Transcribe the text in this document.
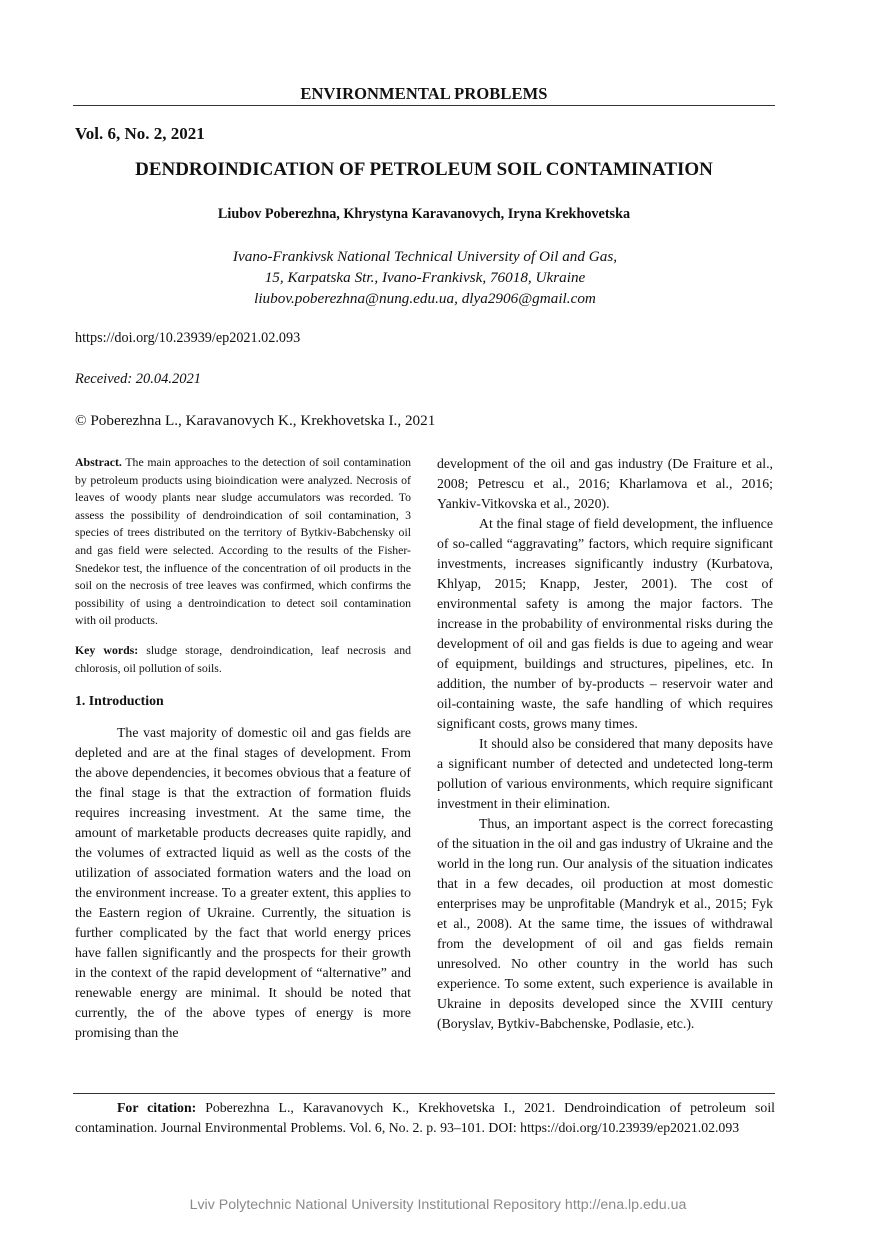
ENVIRONMENTAL PROBLEMS
Vol. 6, No. 2, 2021
DENDROINDICATION OF PETROLEUM SOIL CONTAMINATION
Liubov Poberezhna, Khrystyna Karavanovych, Iryna Krekhovetska
Ivano-Frankivsk National Technical University of Oil and Gas,
15, Karpatska Str., Ivano-Frankivsk, 76018, Ukraine
liubov.poberezhna@nung.edu.ua, dlya2906@gmail.com
https://doi.org/10.23939/ep2021.02.093
Received: 20.04.2021
© Poberezhna L., Karavanovych K., Krekhovetska I., 2021

Abstract. The main approaches to the detection of soil contamination by petroleum products using bioindication were analyzed. Necrosis of leaves of woody plants near sludge accumulators was recorded. To assess the possibility of dendroindication of soil contamination, 3 species of trees distributed on the territory of Bytkiv-Babchensky oil and gas field were selected. According to the results of the Fisher-Snedekor test, the influence of the concentration of oil products in the soil on the necrosis of tree leaves was confirmed, which confirms the possibility of using a dentroindication to detect soil contamination with oil products.

Key words: sludge storage, dendroindication, leaf necrosis and chlorosis, oil pollution of soils.

1. Introduction

The vast majority of domestic oil and gas fields are depleted and are at the final stages of development. From the above dependencies, it becomes obvious that a feature of the final stage is that the extraction of formation fluids requires increasing investment. At the same time, the amount of marketable products decreases quite rapidly, and the volumes of extracted liquid as well as the costs of the utilization of associated formation waters and the load on the environment increase. To a greater extent, this applies to the Eastern region of Ukraine. Currently, the situation is further complicated by the fact that world energy prices have fallen significantly and the prospects for their growth in the context of the rapid development of “alternative” and renewable energy are minimal. It should be noted that currently, the of the above types of energy is more promising than the

development of the oil and gas industry (De Fraiture et al., 2008; Petrescu et al., 2016; Kharlamova et al., 2016; Yankiv-Vitkovska et al., 2020).

At the final stage of field development, the influence of so-called “aggravating” factors, which require significant investments, increases significantly industry (Kurbatova, Khlyap, 2015; Knapp, Jester, 2001). The cost of environmental safety is among the major factors. The increase in the probability of environmental risks during the development of oil and gas fields is due to ageing and wear of equipment, buildings and structures, pipelines, etc. In addition, the number of by-products – reservoir water and oil-containing waste, the safe handling of which requires significant costs, grows many times.

It should also be considered that many deposits have a significant number of detected and undetected long-term pollution of various environments, which require significant investment in their elimination.

Thus, an important aspect is the correct forecasting of the situation in the oil and gas industry of Ukraine and the world in the long run. Our analysis of the situation indicates that in a few decades, oil production at most domestic enterprises may be unprofitable (Mandryk et al., 2015; Fyk et al., 2008). At the same time, the issues of withdrawal from the development of oil and gas fields remain unresolved. No other country in the world has such experience. To some extent, such experience is available in Ukraine in deposits developed since the XVIII century (Boryslav, Bytkiv-Babchenske, Podlasie, etc.).

For citation: Poberezhna L., Karavanovych K., Krekhovetska I., 2021. Dendroindication of petroleum soil contamination. Journal Environmental Problems. Vol. 6, No. 2. p. 93–101. DOI: https://doi.org/10.23939/ep2021.02.093
Lviv Polytechnic National University Institutional Repository http://ena.lp.edu.ua
